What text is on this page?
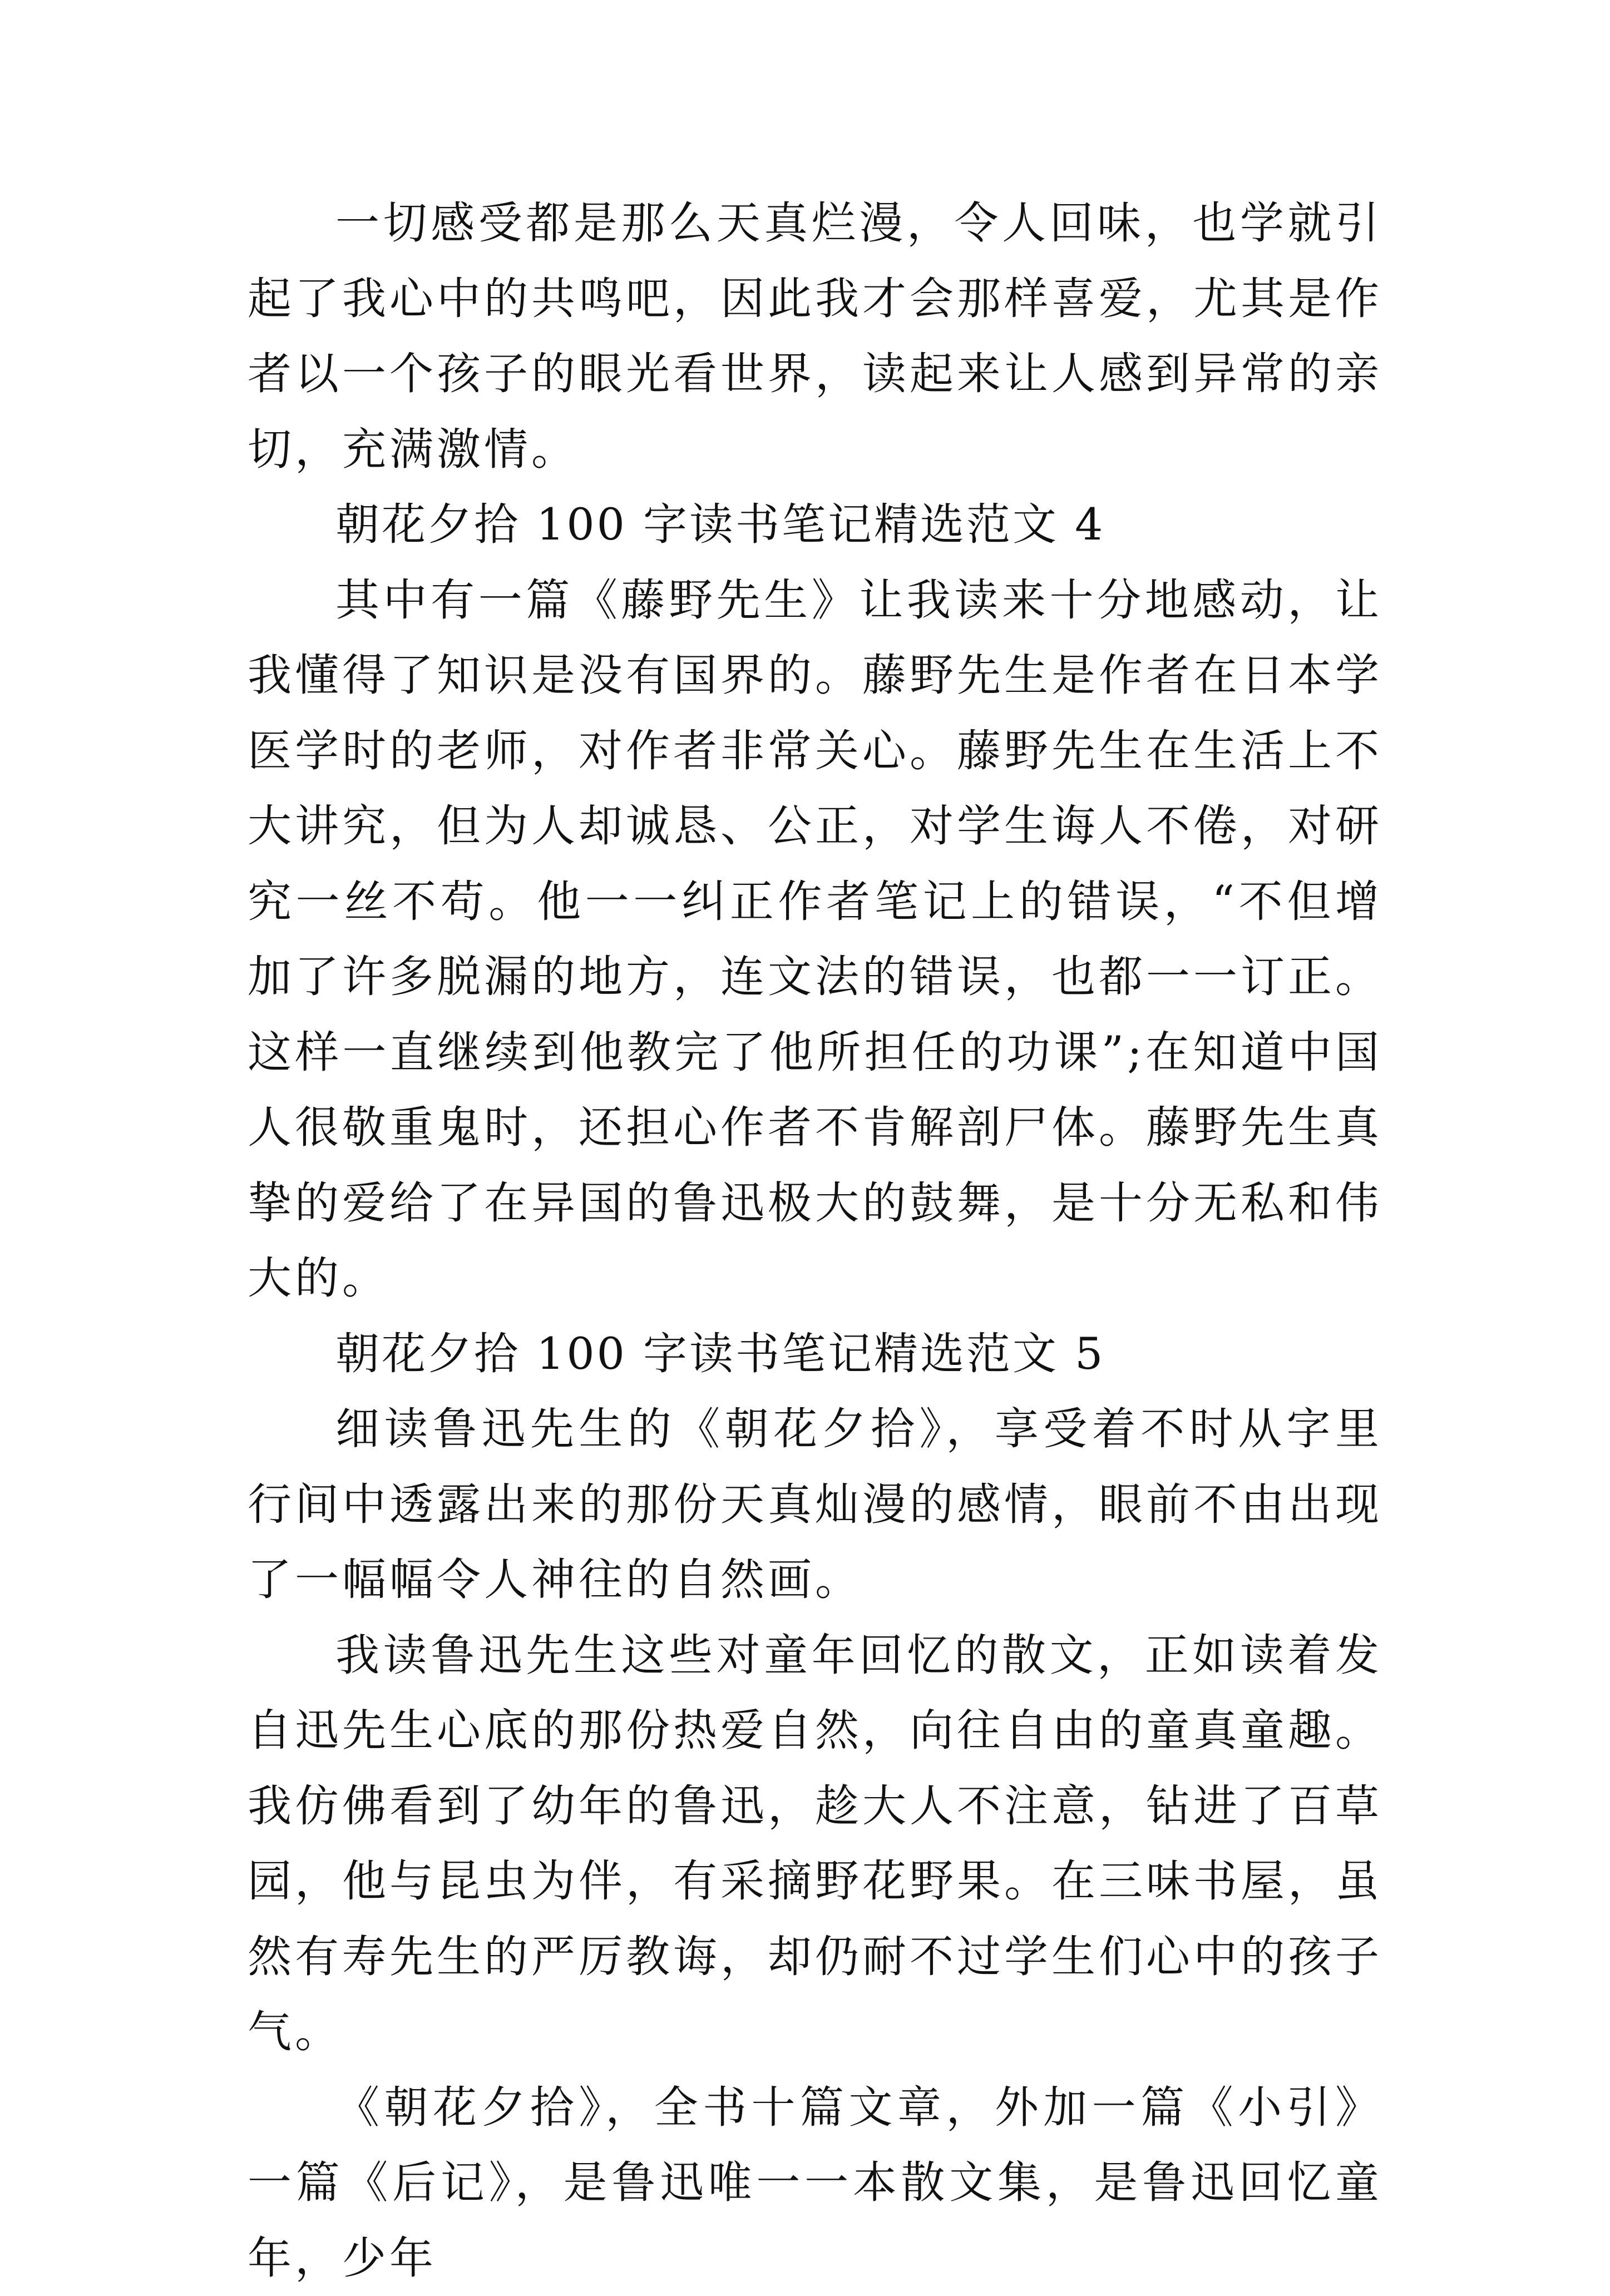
一切感受都是那么天真烂漫，令人回味，也学就引起了我心中的共鸣吧，因此我才会那样喜爱，尤其是作者以一个孩子的眼光看世界，读起来让人感到异常的亲切，充满激情。

朝花夕拾 100 字读书笔记精选范文 4

其中有一篇《藤野先生》让我读来十分地感动，让我懂得了知识是没有国界的。藤野先生是作者在日本学医学时的老师，对作者非常关心。藤野先生在生活上不大讲究，但为人却诚恳、公正，对学生诲人不倦，对研究一丝不苟。他一一纠正作者笔记上的错误，“不但增加了许多脱漏的地方，连文法的错误，也都一一订正。这样一直继续到他教完了他所担任的功课”;在知道中国人很敬重鬼时，还担心作者不肯解剖尸体。藤野先生真挚的爱给了在异国的鲁迅极大的鼓舞，是十分无私和伟大的。

朝花夕拾 100 字读书笔记精选范文 5

细读鲁迅先生的《朝花夕拾》，享受着不时从字里行间中透露出来的那份天真灿漫的感情，眼前不由出现了一幅幅令人神往的自然画。

我读鲁迅先生这些对童年回忆的散文，正如读着发自迅先生心底的那份热爱自然，向往自由的童真童趣。我仿佛看到了幼年的鲁迅，趁大人不注意，钻进了百草园，他与昆虫为伴，有采摘野花野果。在三味书屋，虽然有寿先生的严厉教诲，却仍耐不过学生们心中的孩子气。

《朝花夕拾》，全书十篇文章，外加一篇《小引》一篇《后记》，是鲁迅唯一一本散文集，是鲁迅回忆童年，少年
